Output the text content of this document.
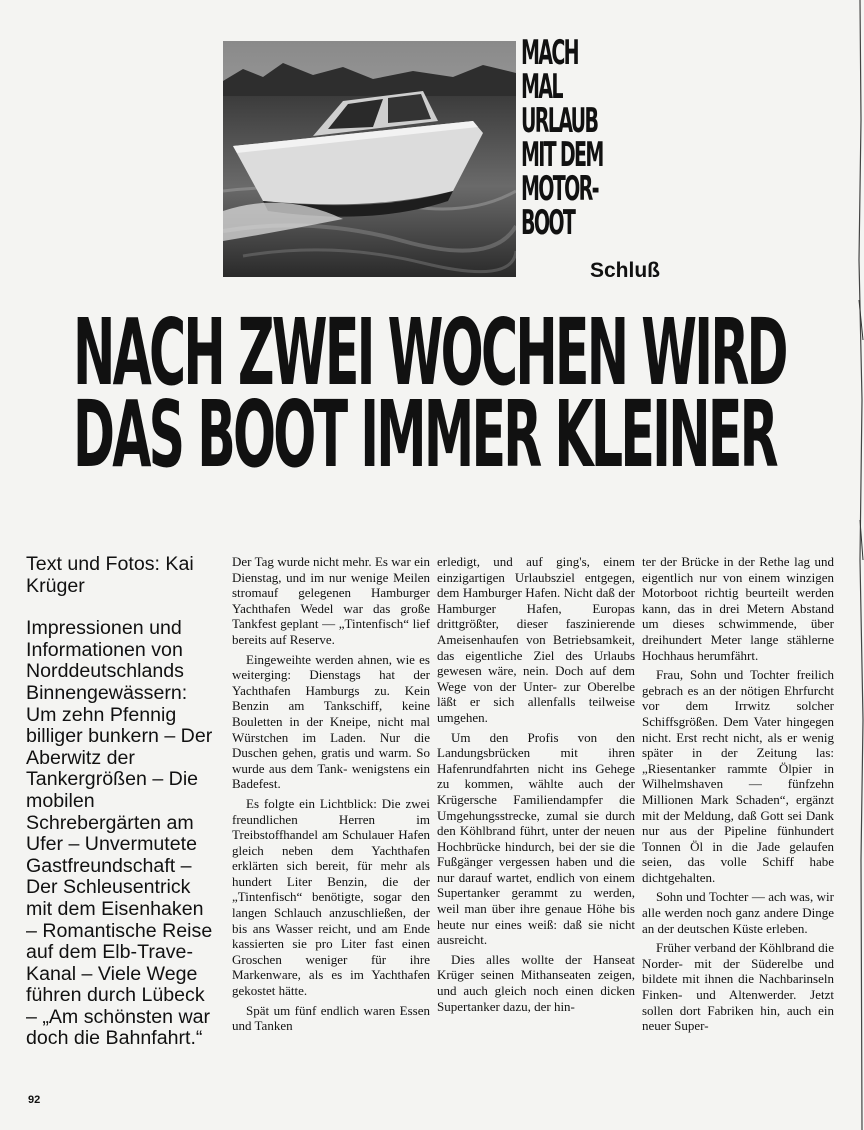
MACH
MAL
URLAUB
MIT DEM
MOTOR-
BOOT
Schluß
NACH ZWEI WOCHEN WIRD
DAS BOOT IMMER KLEINER
Text und Fotos: Kai Krüger
Impressionen und Informationen von Norddeutschlands Binnengewässern: Um zehn Pfennig billiger bunkern – Der Aberwitz der Tankergrößen – Die mobilen Schrebergärten am Ufer – Unvermutete Gastfreundschaft – Der Schleusentrick mit dem Eisenhaken – Romantische Reise auf dem Elb-Trave-Kanal – Viele Wege führen durch Lübeck – „Am schönsten war doch die Bahnfahrt.“

Der Tag wurde nicht mehr. Es war ein Dienstag, und im nur wenige Meilen stromauf gelegenen Hamburger Yachthafen Wedel war das große Tankfest geplant — „Tintenfisch“ lief bereits auf Reserve.

Eingeweihte werden ahnen, wie es weiterging: Dienstags hat der Yachthafen Hamburgs zu. Kein Benzin am Tankschiff, keine Bouletten in der Kneipe, nicht mal Würstchen im Laden. Nur die Duschen gehen, gratis und warm. So wurde aus dem Tank- wenigstens ein Badefest.

Es folgte ein Lichtblick: Die zwei freundlichen Herren im Treibstoffhandel am Schulauer Hafen gleich neben dem Yachthafen erklärten sich bereit, für mehr als hundert Liter Benzin, die der „Tintenfisch“ benötigte, sogar den langen Schlauch anzuschließen, der bis ans Wasser reicht, und am Ende kassierten sie pro Liter fast einen Groschen weniger für ihre Markenware, als es im Yachthafen gekostet hätte.

Spät um fünf endlich waren Essen und Tanken

erledigt, und auf ging's, einem einzigartigen Urlaubsziel entgegen, dem Hamburger Hafen. Nicht daß der Hamburger Hafen, Europas drittgrößter, dieser faszinierende Ameisenhaufen von Betriebsamkeit, das eigentliche Ziel des Urlaubs gewesen wäre, nein. Doch auf dem Wege von der Unter- zur Oberelbe läßt er sich allenfalls teilweise umgehen.

Um den Profis von den Landungsbrücken mit ihren Hafenrundfahrten nicht ins Gehege zu kommen, wählte auch der Krügersche Familiendampfer die Umgehungsstrecke, zumal sie durch den Köhlbrand führt, unter der neuen Hochbrücke hindurch, bei der sie die Fußgänger vergessen haben und die nur darauf wartet, endlich von einem Supertanker gerammt zu werden, weil man über ihre genaue Höhe bis heute nur eines weiß: daß sie nicht ausreicht.

Dies alles wollte der Hanseat Krüger seinen Mithanseaten zeigen, und auch gleich noch einen dicken Supertanker dazu, der hin-

ter der Brücke in der Rethe lag und eigentlich nur von einem winzigen Motorboot richtig beurteilt werden kann, das in drei Metern Abstand um dieses schwimmende, über dreihundert Meter lange stählerne Hochhaus herumfährt.

Frau, Sohn und Tochter freilich gebrach es an der nötigen Ehrfurcht vor dem Irrwitz solcher Schiffsgrößen. Dem Vater hingegen nicht. Erst recht nicht, als er wenig später in der Zeitung las: „Riesentanker rammte Ölpier in Wilhelmshaven — fünfzehn Millionen Mark Schaden“, ergänzt mit der Meldung, daß Gott sei Dank nur aus der Pipeline fünhundert Tonnen Öl in die Jade gelaufen seien, das volle Schiff habe dichtgehalten.

Sohn und Tochter — ach was, wir alle werden noch ganz andere Dinge an der deutschen Küste erleben.

Früher verband der Köhlbrand die Norder- mit der Süderelbe und bildete mit ihnen die Nachbarinseln Finken- und Altenwerder. Jetzt sollen dort Fabriken hin, auch ein neuer Super-

92
